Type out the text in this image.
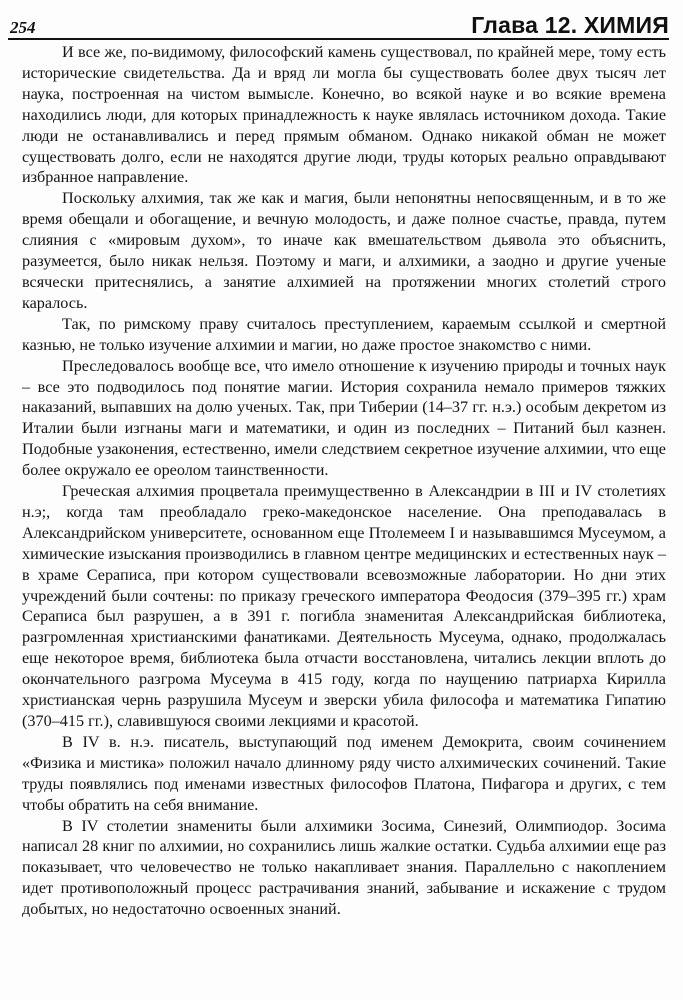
254	Глава 12. ХИМИЯ

И все же, по-видимому, философский камень существовал, по крайней мере, тому есть исторические свидетельства. Да и вряд ли могла бы существовать более двух тысяч лет наука, построенная на чистом вымысле. Конечно, во всякой науке и во всякие времена находились люди, для которых принадлежность к науке являлась источником дохода. Такие люди не останавливались и перед прямым обманом. Однако никакой обман не может существовать долго, если не находятся другие люди, труды которых реально оправдывают избранное направление.

Поскольку алхимия, так же как и магия, были непонятны непосвященным, и в то же время обещали и обогащение, и вечную молодость, и даже полное счастье, правда, путем слияния с «мировым духом», то иначе как вмешательством дьявола это объяснить, разумеется, было никак нельзя. Поэтому и маги, и алхимики, а заодно и другие ученые всячески притеснялись, а занятие алхимией на протяжении многих столетий строго каралось.

Так, по римскому праву считалось преступлением, караемым ссылкой и смертной казнью, не только изучение алхимии и магии, но даже простое знакомство с ними.

Преследовалось вообще все, что имело отношение к изучению природы и точных наук – все это подводилось под понятие магии. История сохранила немало примеров тяжких наказаний, выпавших на долю ученых. Так, при Тиберии (14–37 гг. н.э.) особым декретом из Италии были изгнаны маги и математики, и один из последних – Питаний был казнен. Подобные узаконения, естественно, имели следствием секретное изучение алхимии, что еще более окружало ее ореолом таинственности.

Греческая алхимия процветала преимущественно в Александрии в III и IV столетиях н.э;, когда там преобладало греко-македонское население. Она преподавалась в Александрийском университете, основанном еще Птолемеем I и называвшимся Мусеумом, а химические изыскания производились в главном центре медицинских и естественных наук – в храме Сераписа, при котором существовали всевозможные лаборатории. Но дни этих учреждений были сочтены: по приказу греческого императора Феодосия (379–395 гг.) храм Сераписа был разрушен, а в 391 г. погибла знаменитая Александрийская библиотека, разгромленная христианскими фанатиками. Деятельность Мусеума, однако, продолжалась еще некоторое время, библиотека была отчасти восстановлена, читались лекции вплоть до окончательного разгрома Мусеума в 415 году, когда по наущению патриарха Кирилла христианская чернь разрушила Мусеум и зверски убила философа и математика Гипатию (370–415 гг.), славившуюся своими лекциями и красотой.

В IV в. н.э. писатель, выступающий под именем Демокрита, своим сочинением «Физика и мистика» положил начало длинному ряду чисто алхимических сочинений. Такие труды появлялись под именами известных философов Платона, Пифагора и других, с тем чтобы обратить на себя внимание.

В IV столетии знамениты были алхимики Зосима, Синезий, Олимпиодор. Зосима написал 28 книг по алхимии, но сохранились лишь жалкие остатки. Судьба алхимии еще раз показывает, что человечество не только накапливает знания. Параллельно с накоплением идет противоположный процесс растрачивания знаний, забывание и искажение с трудом добытых, но недостаточно освоенных знаний.
